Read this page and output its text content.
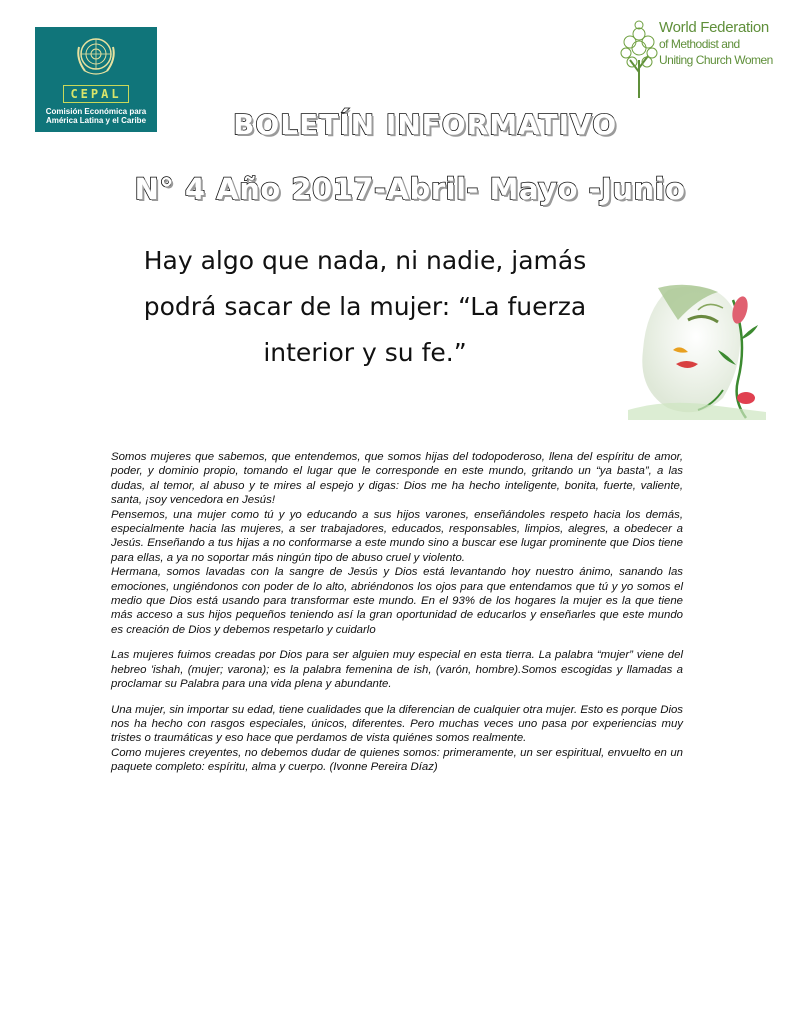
CEPAL
Comisión Económica para
América Latina y el Caribe
World Federation
of Methodist and
Uniting Church Women
BOLETÍN INFORMATIVO
N° 4 Año 2017-Abril- Mayo -Junio
Hay algo que nada, ni nadie, jamás
podrá sacar de la mujer: “La fuerza
interior y su fe.”

Somos mujeres que sabemos, que entendemos, que somos hijas del todopoderoso, llena del espíritu de amor, poder, y dominio propio, tomando el lugar que le corresponde en este mundo, gritando un “ya basta”, a las dudas, al temor, al abuso y te mires al espejo y digas: Dios me ha hecho inteligente, bonita, fuerte, valiente, santa, ¡soy vencedora en Jesús!
Pensemos, una mujer como tú y yo educando a sus hijos varones, enseñándoles respeto hacia los demás, especialmente hacia las mujeres, a ser trabajadores, educados, responsables, limpios, alegres, a obedecer a Jesús. Enseñando a tus hijas a no conformarse a este mundo sino a buscar ese lugar prominente que Dios tiene para ellas, a ya no soportar más ningún tipo de abuso cruel y violento.
Hermana, somos lavadas con la sangre de Jesús y Dios está levantando hoy nuestro ánimo, sanando las emociones, ungiéndonos con poder de lo alto, abriéndonos los ojos para que entendamos que tú y yo somos el medio que Dios está usando para transformar este mundo. En el 93% de los hogares la mujer es la que tiene más acceso a sus hijos pequeños teniendo así la gran oportunidad de educarlos y enseñarles que este mundo es creación de Dios y debemos respetarlo y cuidarlo

Las mujeres fuimos creadas por Dios para ser alguien muy especial en esta tierra. La palabra “mujer” viene del hebreo 'ishah, (mujer; varona); es la palabra femenina de ish, (varón, hombre).Somos escogidas y llamadas a proclamar su Palabra para una vida plena y abundante.

Una mujer, sin importar su edad, tiene cualidades que la diferencian de cualquier otra mujer. Esto es porque Dios nos ha hecho con rasgos especiales, únicos, diferentes. Pero muchas veces uno pasa por experiencias muy tristes o traumáticas y eso hace que perdamos de vista quiénes somos realmente.
Como mujeres creyentes, no debemos dudar de quienes somos: primeramente, un ser espiritual, envuelto en un paquete completo: espíritu, alma y cuerpo. (Ivonne Pereira Díaz)
